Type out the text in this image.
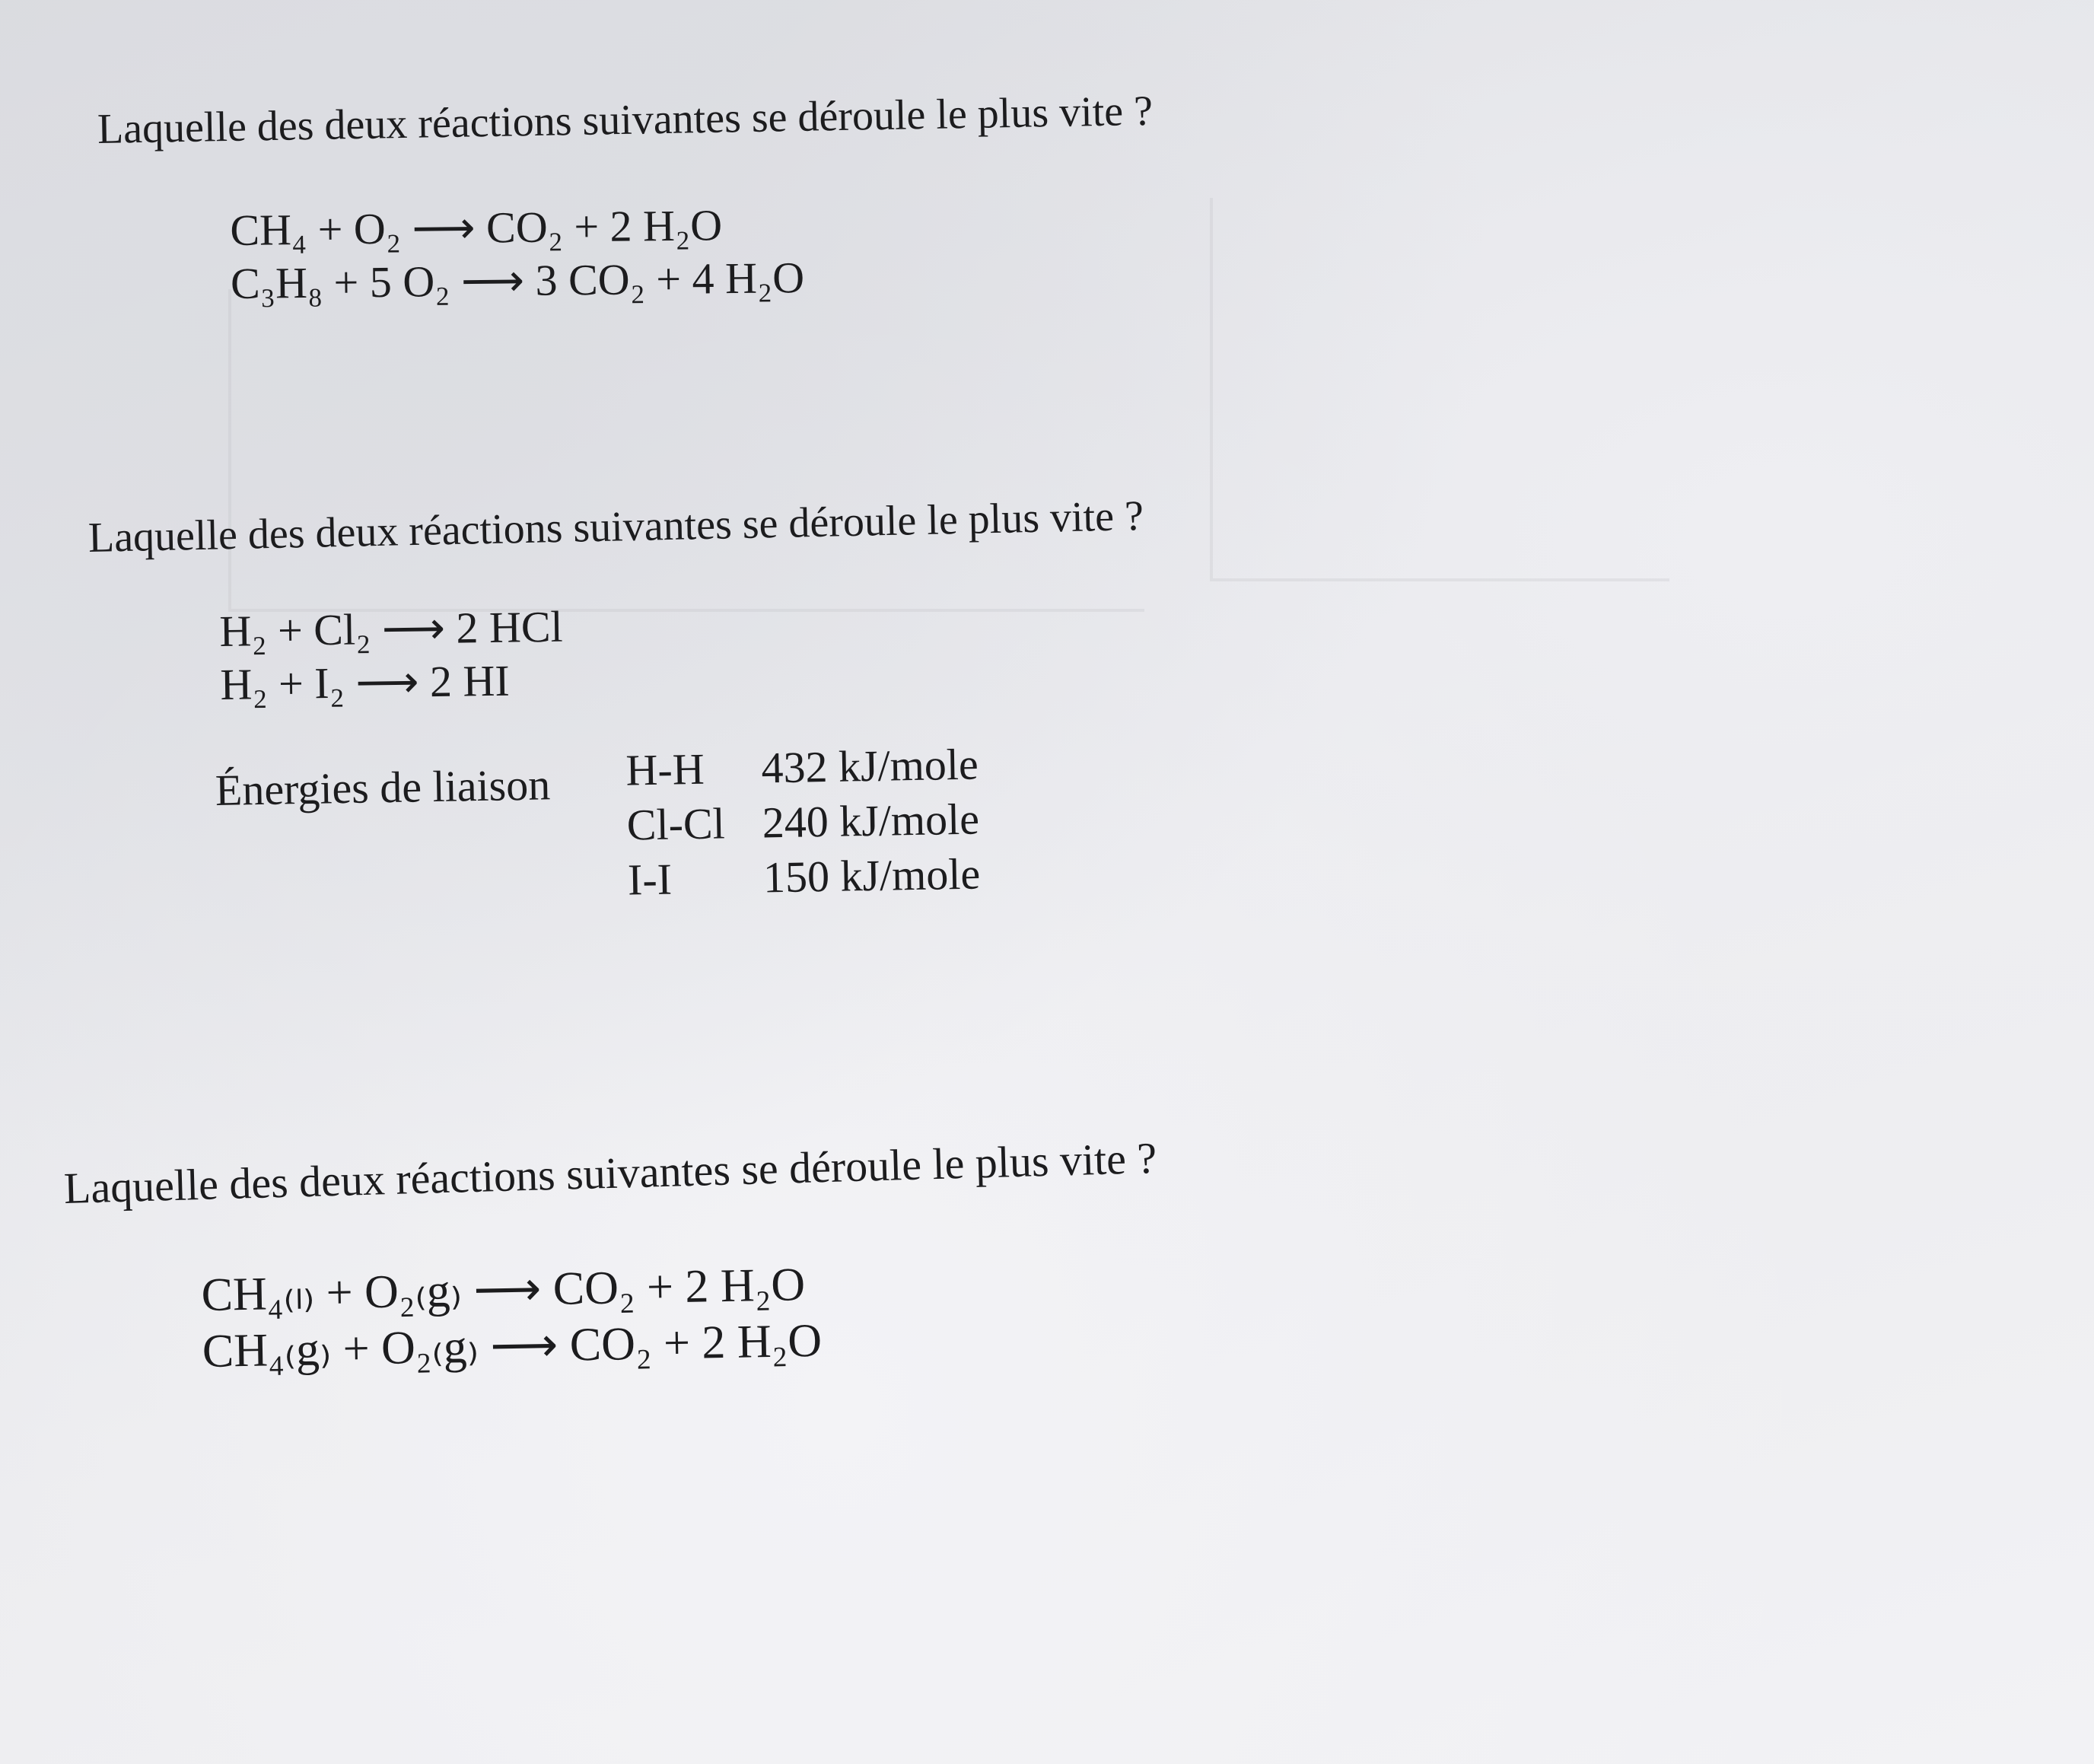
Laquelle des deux réactions suivantes se déroule le plus vite ?
CH₄ + O₂ ⟶ CO₂ + 2 H₂O
C₃H₈ + 5 O₂ ⟶ 3 CO₂ + 4 H₂O
Laquelle des deux réactions suivantes se déroule le plus vite ?
H₂ + Cl₂ ⟶ 2 HCl
H₂ + I₂ ⟶ 2 HI
Énergies de liaison H-H	432 kJ/mole
Cl-Cl	240 kJ/mole
I-I	150 kJ/mole
Laquelle des deux réactions suivantes se déroule le plus vite ?
CH₄₍ₗ₎ + O₂₍g₎ ⟶ CO₂ + 2 H₂O
CH₄₍g₎ + O₂₍g₎ ⟶ CO₂ + 2 H₂O
